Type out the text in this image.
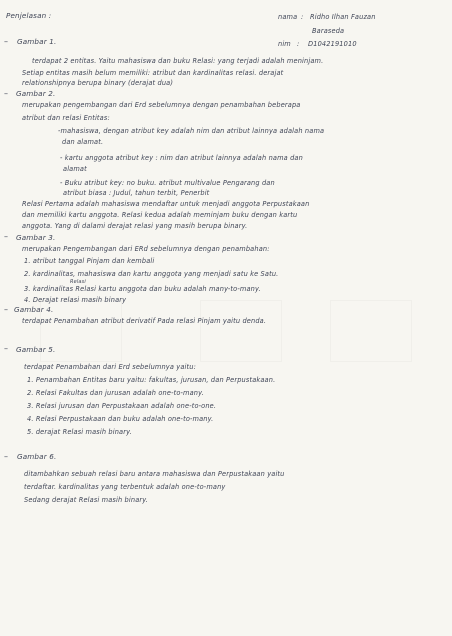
Penjelasan :	nama : Ridho Ilhan Fauzan
Baraseda
nim : D1042191010
– Gambar 1.
terdapat 2 entitas. Yaitu mahasiswa dan buku Relasi: yang terjadi adalah meninjam.
Setiap entitas masih belum memiliki: atribut dan kardinalitas relasi. derajat
relationshipnya berupa binary (derajat dua)
– Gambar 2.
merupakan pengembangan dari Erd sebelumnya dengan penambahan beberapa
atribut dan relasi Entitas:
-mahasiswa, dengan atribut key adalah nim dan atribut lainnya adalah nama
dan alamat.
- kartu anggota atribut key : nim dan atribut lainnya adalah nama dan
alamat
- Buku atribut key: no buku. atribut multivalue Pengarang dan
atribut biasa : Judul, tahun terbit, Penerbit
Relasi Pertama adalah mahasiswa mendaftar untuk menjadi anggota Perpustakaan
dan memiliki kartu anggota. Relasi kedua adalah meminjam buku dengan kartu
anggota. Yang di dalami derajat relasi yang masih berupa binary.
– Gambar 3.
merupakan Pengembangan dari ERd sebelumnya dengan penambahan:
1. atribut tanggal Pinjam dan kembali
2. kardinalitas, mahasiswa dan kartu anggota yang menjadi satu ke Satu.
Relasi
3. kardinalitas Relasi kartu anggota dan buku adalah many-to-many.
4. Derajat relasi masih binary
– Gambar 4.
terdapat Penambahan atribut derivatif Pada relasi Pinjam yaitu denda.
– Gambar 5.
terdapat Penambahan dari Erd sebelumnya yaitu:
1. Penambahan Entitas baru yaitu: fakultas, jurusan, dan Perpustakaan.
2. Relasi Fakultas dan jurusan adalah one-to-many.
3. Relasi jurusan dan Perpustakaan adalah one-to-one.
4. Relasi Perpustakaan dan buku adalah one-to-many.
5. derajat Relasi masih binary.
– Gambar 6.
ditambahkan sebuah relasi baru antara mahasiswa dan Perpustakaan yaitu
terdaftar. kardinalitas yang terbentuk adalah one-to-many
Sedang derajat Relasi masih binary.
